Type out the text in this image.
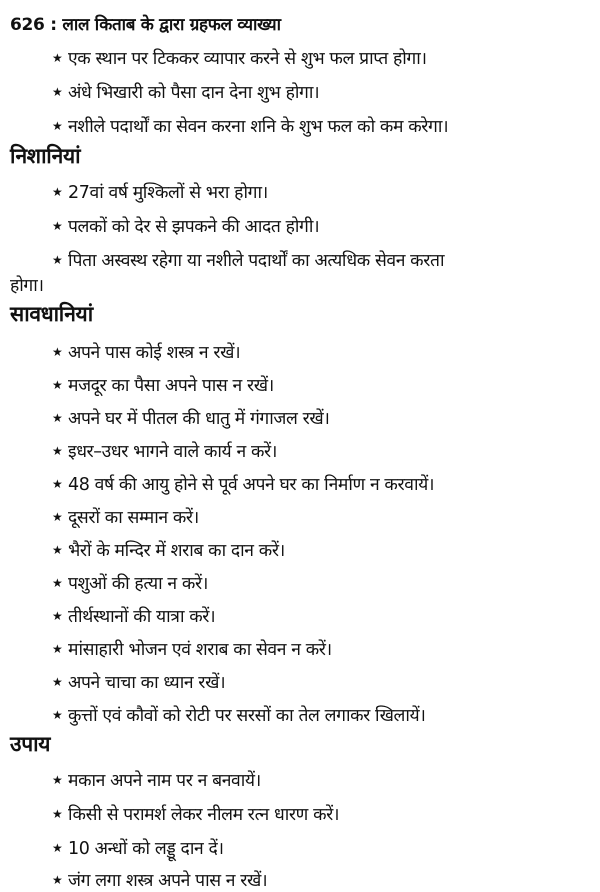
626 : लाल किताब के द्वारा ग्रहफल व्याख्या
★ एक स्थान पर टिककर व्यापार करने से शुभ फल प्राप्त होगा।
★ अंधे भिखारी को पैसा दान देना शुभ होगा।
★ नशीले पदार्थों का सेवन करना शनि के शुभ फल को कम करेगा।
निशानियां
★ 27वां वर्ष मुश्किलों से भरा होगा।
★ पलकों को देर से झपकने की आदत होगी।
★ पिता अस्वस्थ रहेगा या नशीले पदार्थों का अत्यधिक सेवन करता
होगा।
सावधानियां
★ अपने पास कोई शस्त्र न रखें।
★ मजदूर का पैसा अपने पास न रखें।
★ अपने घर में पीतल की धातु में गंगाजल रखें।
★ इधर–उधर भागने वाले कार्य न करें।
★ 48 वर्ष की आयु होने से पूर्व अपने घर का निर्माण न करवायें।
★ दूसरों का सम्मान करें।
★ भैरों के मन्दिर में शराब का दान करें।
★ पशुओं की हत्या न करें।
★ तीर्थस्थानों की यात्रा करें।
★ मांसाहारी भोजन एवं शराब का सेवन न करें।
★ अपने चाचा का ध्यान रखें।
★ कुत्तों एवं कौवों को रोटी पर सरसों का तेल लगाकर खिलायें।
उपाय
★ मकान अपने नाम पर न बनवायें।
★ किसी से परामर्श लेकर नीलम रत्न धारण करें।
★ 10 अन्धों को लड्डू दान दें।
★ जंग लगा शस्त्र अपने पास न रखें।
